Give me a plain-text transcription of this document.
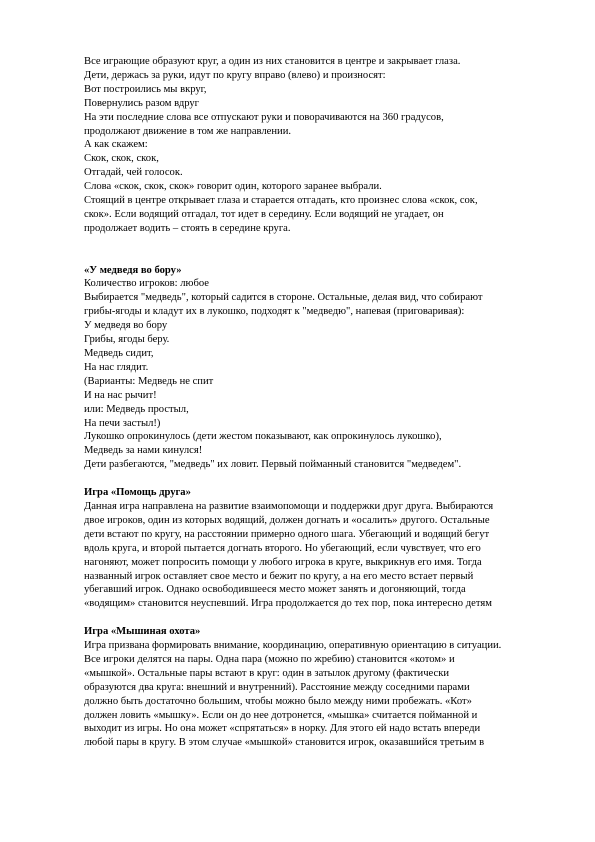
Все играющие образуют круг, а один из них становится в центре и закрывает глаза.
Дети, держась за руки, идут по кругу вправо (влево) и произносят:
Вот построились мы вкруг,
Повернулись разом вдруг
На эти последние слова все отпускают руки и поворачиваются на 360 градусов,
продолжают движение в том же направлении.
А как скажем:
Скок, скок, скок,
Отгадай, чей голосок.
Слова «скок, скок, скок» говорит один, которого заранее выбрали.
Стоящий в центре открывает глаза и старается отгадать, кто произнес слова «скок, сок,
скок». Если водящий отгадал, тот идет в середину. Если водящий не угадает, он
продолжает водить – стоять в середине круга.
«У медведя во бору»
Количество игроков: любое
Выбирается "медведь", который садится в стороне. Остальные, делая вид, что собирают
грибы-ягоды и кладут их в лукошко, подходят к "медведю", напевая (приговаривая):
У медведя во бору
Грибы, ягоды беру.
Медведь сидит,
На нас глядит.
(Варианты: Медведь не спит
И на нас рычит!
или: Медведь простыл,
На печи застыл!)
Лукошко опрокинулось (дети жестом показывают, как опрокинулось лукошко),
Медведь за нами кинулся!
Дети разбегаются, "медведь" их ловит. Первый пойманный становится "медведем".
Игра «Помощь друга»
Данная игра направлена на развитие взаимопомощи и поддержки друг друга. Выбираются
двое игроков, один из которых водящий, должен догнать и «осалить» другого. Остальные
дети встают по кругу, на расстоянии примерно одного шага. Убегающий и водящий бегут
вдоль круга, и второй пытается догнать второго. Но убегающий, если чувствует, что его
нагоняют, может попросить помощи у любого игрока в круге, выкрикнув его имя. Тогда
названный игрок оставляет свое место и бежит по кругу, а на его место встает первый
убегавший игрок. Однако освободившееся место может занять и догоняющий, тогда
«водящим» становится неуспевший. Игра продолжается до тех пор, пока интересно детям
Игра «Мышиная охота»
Игра призвана формировать внимание, координацию, оперативную ориентацию в ситуации.
Все игроки делятся на пары. Одна пара (можно по жребию) становится «котом» и
«мышкой». Остальные пары встают в круг: один в затылок другому (фактически
образуются два круга: внешний и внутренний). Расстояние между соседними парами
должно быть достаточно большим, чтобы можно было между ними пробежать. «Кот»
должен ловить «мышку». Если он до нее дотронется, «мышка» считается пойманной и
выходит из игры. Но она может «спрятаться» в норку. Для этого ей надо встать впереди
любой пары в кругу. В этом случае «мышкой» становится игрок, оказавшийся третьим в
